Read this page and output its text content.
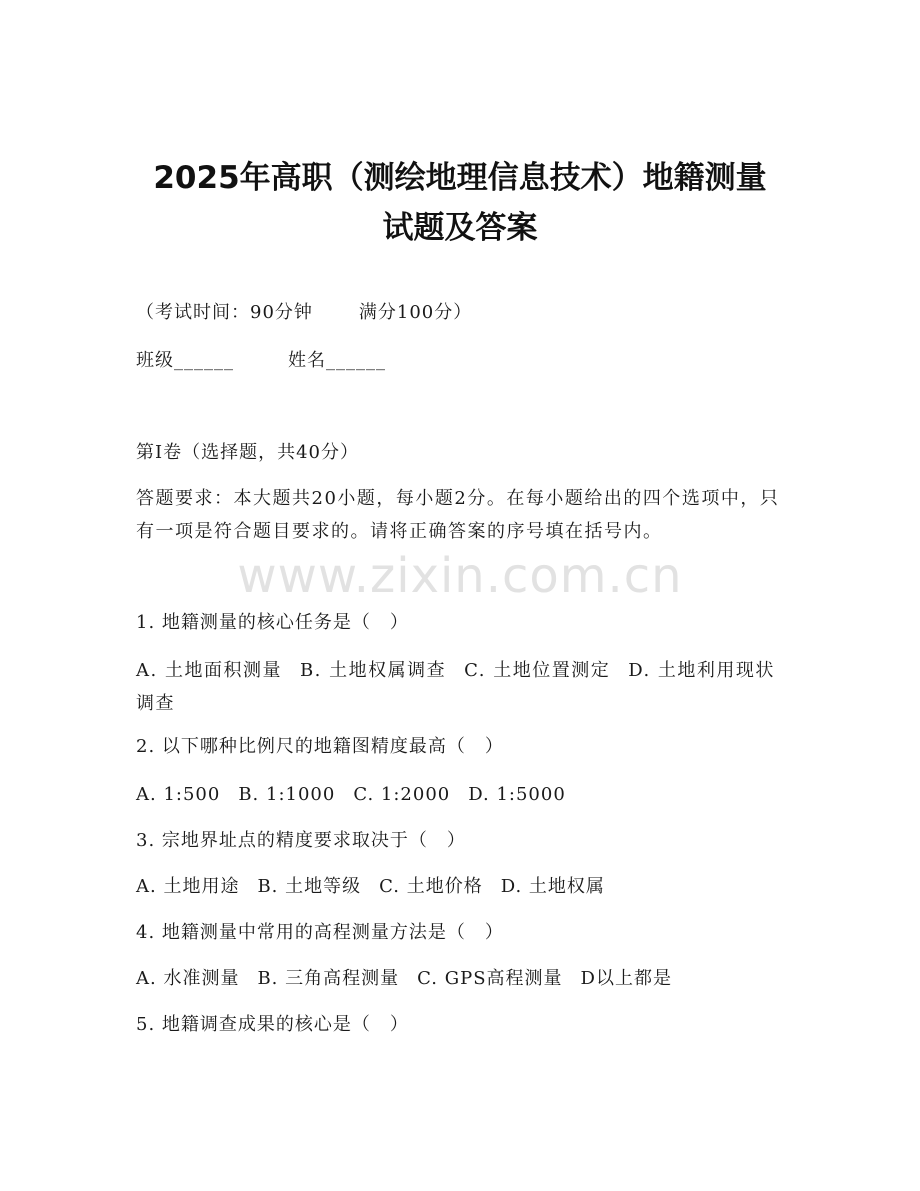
2025年高职（测绘地理信息技术）地籍测量
试题及答案

（考试时间：90分钟	满分100分）

班级______	姓名______

第I卷（选择题，共40分）

答题要求：本大题共20小题，每小题2分。在每小题给出的四个选项中，只有一项是符合题目要求的。请将正确答案的序号填在括号内。

www.zixin.com.cn

1. 地籍测量的核心任务是（　）

A. 土地面积测量 B. 土地权属调查 C. 土地位置测定 D. 土地利用现状调查

2. 以下哪种比例尺的地籍图精度最高（　）

A. 1:500 B. 1:1000 C. 1:2000 D. 1:5000

3. 宗地界址点的精度要求取决于（　）

A. 土地用途 B. 土地等级 C. 土地价格 D. 土地权属

4. 地籍测量中常用的高程测量方法是（　）

A. 水准测量 B. 三角高程测量 C. GPS高程测量 D以上都是

5. 地籍调查成果的核心是（　）
